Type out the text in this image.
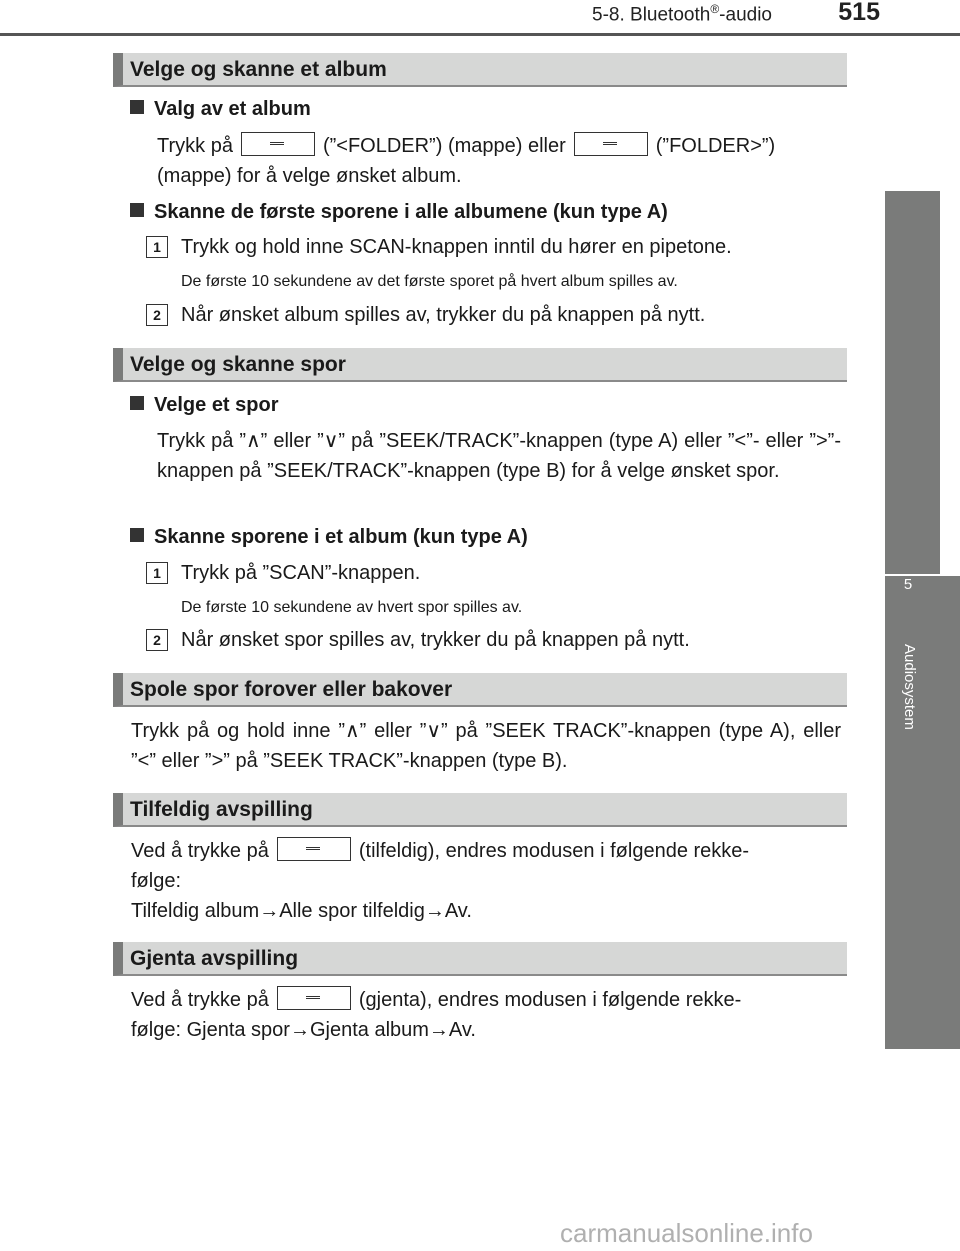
5-8. Bluetooth®-audio	515
5
Audiosystem
Velge og skanne et album
Valg av et album
Trykk på	(”<FOLDER”) (mappe) eller	(”FOLDER>”)
(mappe) for å velge ønsket album.
Skanne de første sporene i alle albumene (kun type A)
1	Trykk og hold inne SCAN-knappen inntil du hører en pipetone.
De første 10 sekundene av det første sporet på hvert album spilles av.
2	Når ønsket album spilles av, trykker du på knappen på nytt.
Velge og skanne spor
Velge et spor
Trykk på ”∧” eller ”∨” på ”SEEK/TRACK”-knappen (type A) eller ”<”- eller ”>”-knappen på ”SEEK/TRACK”-knappen (type B) for å velge ønsket spor.
Skanne sporene i et album (kun type A)
1	Trykk på ”SCAN”-knappen.
De første 10 sekundene av hvert spor spilles av.
2	Når ønsket spor spilles av, trykker du på knappen på nytt.
Spole spor forover eller bakover
Trykk på og hold inne ”∧” eller ”∨” på ”SEEK TRACK”-knappen (type A), eller ”<” eller ”>” på ”SEEK TRACK”-knappen (type B).
Tilfeldig avspilling
Ved å trykke på	(tilfeldig), endres modusen i følgende rekke-
følge:
Tilfeldig album→Alle spor tilfeldig→Av.
Gjenta avspilling
Ved å trykke på	(gjenta), endres modusen i følgende rekke-
følge: Gjenta spor→Gjenta album→Av.
carmanualsonline.info
